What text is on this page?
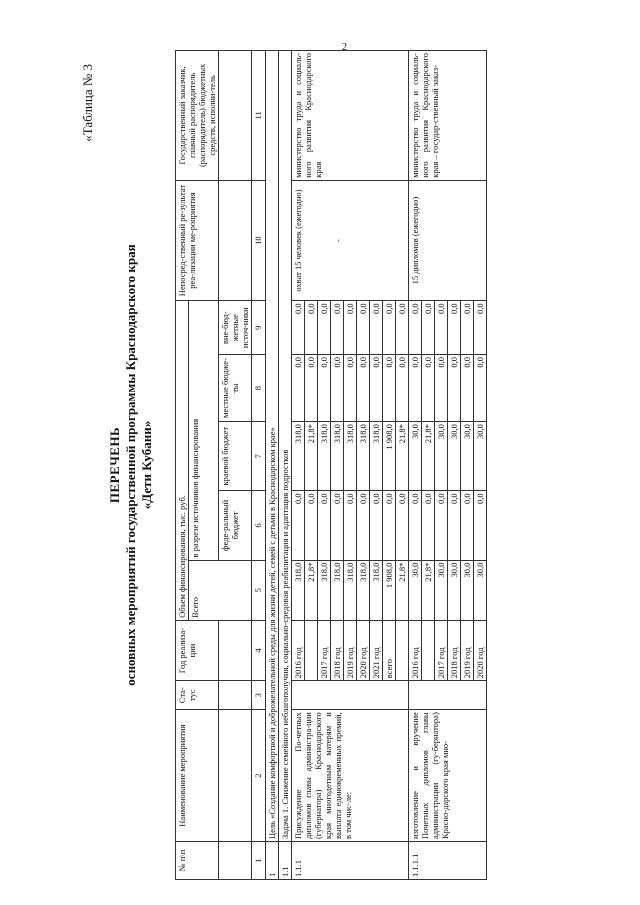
2
«Таблица № 3
ПЕРЕЧЕНЬ основных мероприятий государственной программы Краснодарского края «Дети Кубани»
№ п\п	Наименование мероприятия	Ста-тус	Год реализа-ции	Объем финансирования, тыс. руб.					Непосред-ственный ре-зультат реа-лизации ме-роприятия	Государственный заказчик, главный распорядитель (распорядитель) бюджетных средств, исполни-тель
				Всего	в разрезе источников финансирования					
					феде-ральный бюджет	краевой бюджет	местные бюдже-ты	вне-бюд-жетные источ-ники		
1	2	3	4	5	6	7	8	9	10	11
1	Цель «Создание комфортной и доброжелательной среды для жизни детей, семей с детьми в Краснодарском крае»									
1.1	Задача 1. Снижение семейного неблагополучия, социально-средовая реабилитация и адаптация подростков									
1.1.1	Присуждение По-четных дипломов главы администра-ции (губернатора) Краснодарского края многодетным матерям и выплата единовременных премий, в том чис-ле:		2016 год	318,0	0,0	318,0	0,0	0,0	охват 15 человек (ежегодно) -	министерство труда и социаль-ного развития Краснодарского края
				21,8*	0,0	21,8*	0,0	0,0		
			2017 год	318,0	0,0	318,0	0,0	0,0		
			2018 год	318,0	0,0	318,0	0,0	0,0		
			2019 год	318,0	0,0	318,0	0,0	0,0		
			2020 год	318,0	0,0	318,0	0,0	0,0		
			2021 год	318,0	0,0	318,0	0,0	0,0		
			всего	1 908,0	0,0	1 908,0	0,0	0,0		
				21,8*	0,0	21,8*	0,0	0,0		
1.1.1.1	изготовление и вручение Почетных дипломов главы администрации (гу-бернатора) Красно-дарского края мно-		2016 год	30,0	0,0	30,0	0,0	0,0	15 дипломов (ежегодно)	министерство труда и социаль-ного развития Краснодарского края – государ-ственный заказ-
				21,8*	0,0	21,8*	0,0	0,0		
			2017 год	30,0	0,0	30,0	0,0	0,0		
			2018 год	30,0	0,0	30,0	0,0	0,0		
			2019 год	30,0	0,0	30,0	0,0	0,0		
			2020 год	30,0	0,0	30,0	0,0	0,0		
